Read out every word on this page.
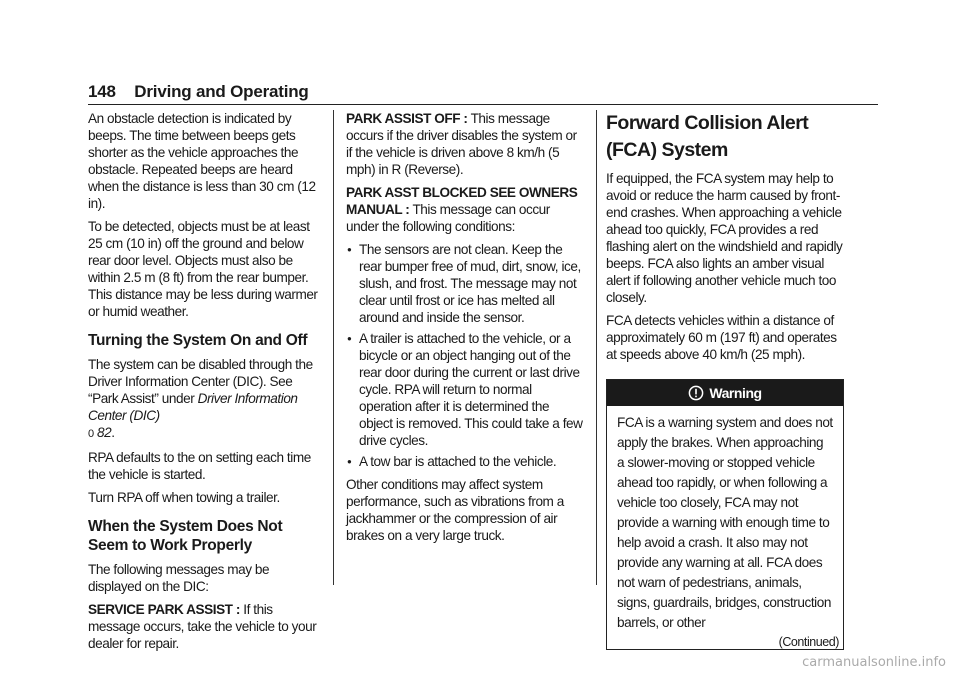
148 Driving and Operating

An obstacle detection is indicated by beeps. The time between beeps gets shorter as the vehicle approaches the obstacle. Repeated beeps are heard when the distance is less than 30 cm (12 in).

To be detected, objects must be at least 25 cm (10 in) off the ground and below rear door level. Objects must also be within 2.5 m (8 ft) from the rear bumper. This distance may be less during warmer or humid weather.

Turning the System On and Off

The system can be disabled through the Driver Information Center (DIC). See “Park Assist” under Driver Information Center (DIC)
0 82.

RPA defaults to the on setting each time the vehicle is started.

Turn RPA off when towing a trailer.

When the System Does Not Seem to Work Properly

The following messages may be displayed on the DIC:

SERVICE PARK ASSIST : If this message occurs, take the vehicle to your dealer for repair.

PARK ASSIST OFF : This message occurs if the driver disables the system or if the vehicle is driven above 8 km/h (5 mph) in R (Reverse).

PARK ASST BLOCKED SEE OWNERS MANUAL : This message can occur under the following conditions:

● The sensors are not clean. Keep the rear bumper free of mud, dirt, snow, ice, slush, and frost. The message may not clear until frost or ice has melted all around and inside the sensor.
● A trailer is attached to the vehicle, or a bicycle or an object hanging out of the rear door during the current or last drive cycle. RPA will return to normal operation after it is determined the object is removed. This could take a few drive cycles.
● A tow bar is attached to the vehicle.

Other conditions may affect system performance, such as vibrations from a jackhammer or the compression of air brakes on a very large truck.

Forward Collision Alert (FCA) System

If equipped, the FCA system may help to avoid or reduce the harm caused by front-end crashes. When approaching a vehicle ahead too quickly, FCA provides a red flashing alert on the windshield and rapidly beeps. FCA also lights an amber visual alert if following another vehicle much too closely.

FCA detects vehicles within a distance of approximately 60 m (197 ft) and operates at speeds above 40 km/h (25 mph).

Warning
FCA is a warning system and does not apply the brakes. When approaching a slower-moving or stopped vehicle ahead too rapidly, or when following a vehicle too closely, FCA may not provide a warning with enough time to help avoid a crash. It also may not provide any warning at all. FCA does not warn of pedestrians, animals, signs, guardrails, bridges, construction barrels, or other
(Continued)
carmanualsonline.info
